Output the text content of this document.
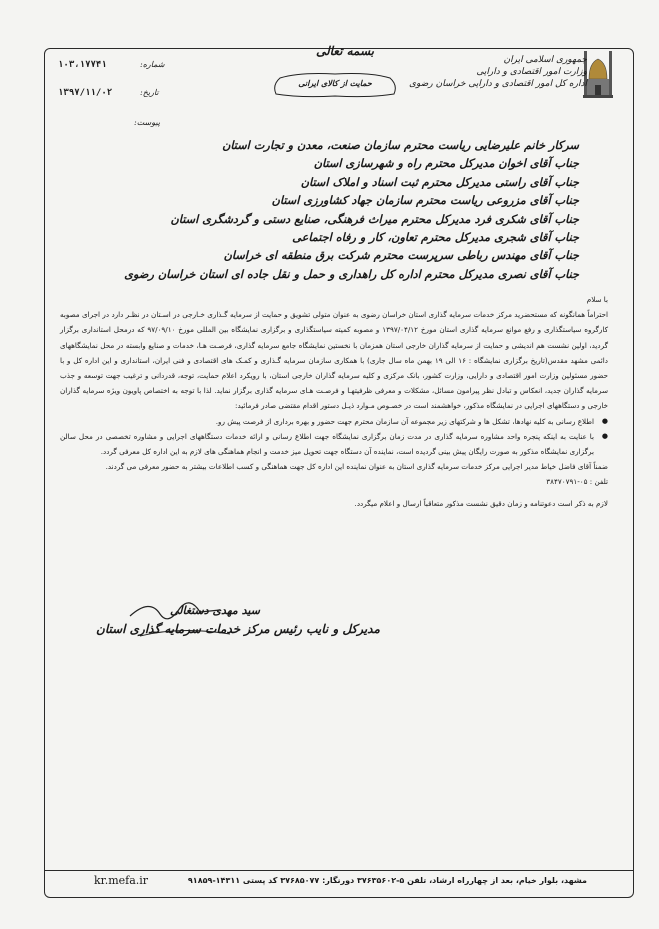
بسمه تعالی
حمایت از کالای ایرانی
جمهوری اسلامی ایران
وزارت امور اقتصادی و دارایی
اداره کل امور اقتصادی و دارایی خراسان رضوی
۱۰۳،۱۷۷۴۱	شماره:
۱۳۹۷/۱۱/۰۲	تاریخ:
پیوست:
سرکار خانم علیرضایی ریاست محترم سازمان صنعت، معدن و تجارت استان
جناب آقای اخوان مدیرکل محترم راه و شهرسازی استان
جناب آقای راستی مدیرکل محترم ثبت اسناد و املاک استان
جناب آقای مزروعی ریاست محترم سازمان جهاد کشاورزی استان
جناب آقای شکری فرد مدیرکل محترم میراث فرهنگی، صنایع دستی و گردشگری استان
جناب آقای شجری مدیرکل محترم تعاون، کار و رفاه اجتماعی
جناب آقای مهندس رباطی سرپرست محترم شرکت برق منطقه ای خراسان
جناب آقای نصری مدیرکل محترم اداره کل راهداری و حمل و نقل جاده ای استان خراسان رضوی

با سلام

احتراماً همانگونه که مستحضرید مرکز خدمات سرمایه گذاری استان خراسان رضوی به عنوان متولی تشویق و حمایت از سرمایه گـذاری خـارجی در اسـتان در نظـر دارد در اجرای مصوبه کارگروه سیاستگذاری و رفع موانع سرمایه گذاری استان مورخ ۱۳۹۷/۰۴/۱۲ و مصوبه کمیته سیاستگذاری و برگزاری نمایشگاه بین المللی مورخ ۹۷/۰۹/۱۰ که درمحل استانداری برگزار گردید، اولین نشست هم اندیشی و حمایت از سرمایه گذاران خارجی استان همزمان با نخستین نمایشگاه جامع سرمایه گذاری، فرصـت هـا، خدمات و صنایع وابسته در محل نمایشگاههای دائمی مشهد مقدس(تاریخ برگزاری نمایشگاه : ۱۶ الی ۱۹ بهمن ماه سال جاری) با همکاری سازمان سرمایه گـذاری و کمـک های اقتصادی و فنی ایران، استانداری و این اداره کل و با حضور مسئولین وزارت امور اقتصادی و دارایی، وزارت کشور، بانک مرکزی و کلیه سرمایه گذاران خارجی استان، با رویکرد اعلام حمایت، توجه، قدردانی و ترغیب جهت توسعه و جذب سرمایه گذاران جدید، انعکاس و تبادل نظر پیرامون مسائل، مشکلات و معرفی ظرفیتهـا و فرصـت هـای سرمایه گذاری برگزار نماید. لذا با توجه به اختصاص پاویون ویژه سرمایه گذاران خارجی و دستگاههای اجرایی در نمایشگاه مذکور، خواهشمند است در خصـوص مـوارد ذیـل دستور اقدام مقتضی صادر فرمائید:

● اطلاع رسانی به کلیه نهادها، تشکل ها و شرکتهای زیر مجموعه آن سازمان محترم جهت حضور و بهره برداری از فرصت پیش رو.
● با عنایت به اینکه پنجره واحد مشاوره سرمایه گذاری در مدت زمان برگزاری نمایشگاه جهت اطلاع رسانی و ارائه خدمات دستگاههای اجرایی و مشاوره تخصصی در محل سالن برگزاری نمایشگاه مذکور به صورت رایگان پیش بینی گردیده است، نماینده آن دستگاه جهت تحویل میز خدمت و انجام هماهنگی های لازم به این اداره کل معرفی گردد.

ضمناً آقای فاضل خیاط مدیر اجرایی مرکز خدمات سرمایه گذاری استان به عنوان نماینده این اداره کل جهت هماهنگی و کسب اطلاعات بیشتر به حضور معرفی می گردند.

تلفن : ۰۵-۳۸۴۷۰۷۹۱

لازم به ذکر است دعوتنامه و زمان دقیق نشست مذکور متعاقباً ارسال و اعلام میگردد.

سید مهدی دستغالی
مدیرکل و نایب رئیس مرکز خدمات سرمایه گذاری استان
مشهد، بلوار خیام، بعد از چهارراه ارشاد، تلفن ۵-۳۷۶۳۵۶۰۲ دورنگار: ۳۷۶۸۵۰۷۷ کد پستی ۱۴۳۱۱-۹۱۸۵۹
kr.mefa.ir
